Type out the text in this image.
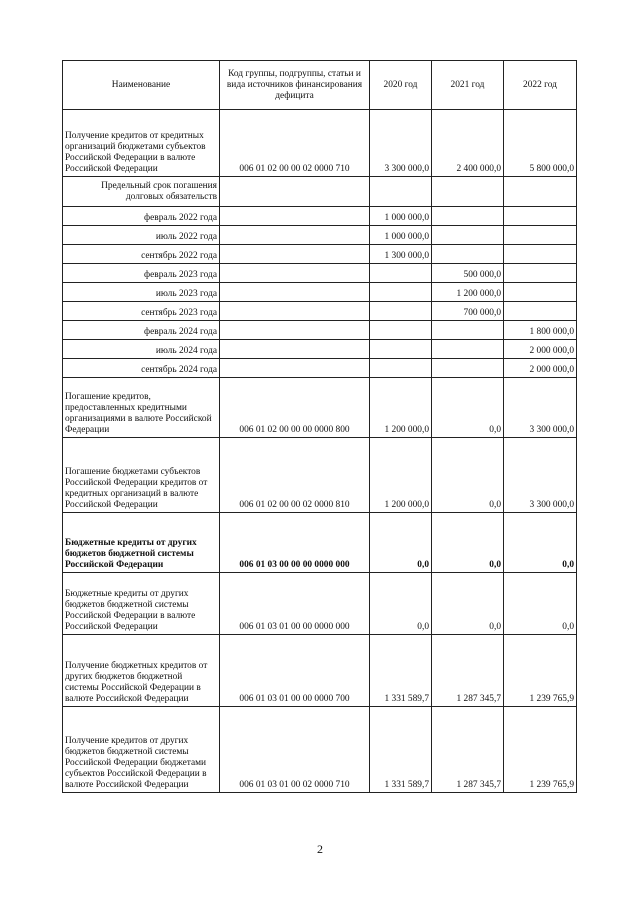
Наименование	Код группы, подгруппы, статьи и вида источников финансирования дефицита	2020 год	2021 год	2022 год
Получение кредитов от кредитных организаций бюджетами субъектов Российской Федерации в валюте Российской Федерации	006 01 02 00 00 02 0000 710	3 300 000,0	2 400 000,0	5 800 000,0
Предельный срок погашения долговых обязательств				
февраль 2022 года		1 000 000,0		
июль 2022 года		1 000 000,0		
сентябрь 2022 года		1 300 000,0		
февраль 2023 года			500 000,0	
июль 2023 года			1 200 000,0	
сентябрь 2023 года			700 000,0	
февраль 2024 года				1 800 000,0
июль 2024 года				2 000 000,0
сентябрь 2024 года				2 000 000,0
Погашение кредитов, предоставленных кредитными организациями в валюте Российской Федерации	006 01 02 00 00 00 0000 800	1 200 000,0	0,0	3 300 000,0
Погашение бюджетами субъектов Российской Федерации кредитов от кредитных организаций в валюте Российской Федерации	006 01 02 00 00 02 0000 810	1 200 000,0	0,0	3 300 000,0
Бюджетные кредиты от других бюджетов бюджетной системы Российской Федерации	006 01 03 00 00 00 0000 000	0,0	0,0	0,0
Бюджетные кредиты от других бюджетов бюджетной системы Российской Федерации в валюте Российской Федерации	006 01 03 01 00 00 0000 000	0,0	0,0	0,0
Получение бюджетных кредитов от других бюджетов бюджетной системы Российской Федерации в валюте Российской Федерации	006 01 03 01 00 00 0000 700	1 331 589,7	1 287 345,7	1 239 765,9
Получение кредитов от других бюджетов бюджетной системы Российской Федерации бюджетами субъектов Российской Федерации в валюте Российской Федерации	006 01 03 01 00 02 0000 710	1 331 589,7	1 287 345,7	1 239 765,9
2
